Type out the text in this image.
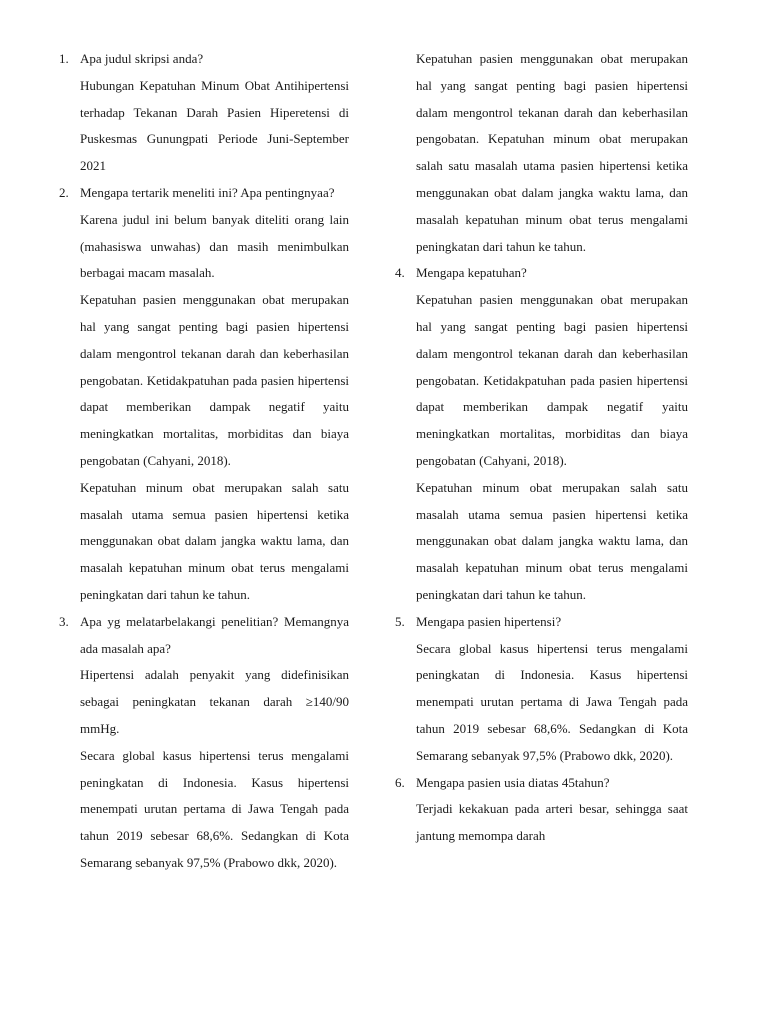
1. Apa judul skripsi anda?

Hubungan Kepatuhan Minum Obat Antihipertensi terhadap Tekanan Darah Pasien Hiperetensi di Puskesmas Gunungpati Periode Juni-September 2021

2. Mengapa tertarik meneliti ini? Apa pentingnyaa?

Karena judul ini belum banyak diteliti orang lain (mahasiswa unwahas) dan masih menimbulkan berbagai macam masalah.

Kepatuhan pasien menggunakan obat merupakan hal yang sangat penting bagi pasien hipertensi dalam mengontrol tekanan darah dan keberhasilan pengobatan. Ketidakpatuhan pada pasien hipertensi dapat memberikan dampak negatif yaitu meningkatkan mortalitas, morbiditas dan biaya pengobatan (Cahyani, 2018).

Kepatuhan minum obat merupakan salah satu masalah utama semua pasien hipertensi ketika menggunakan obat dalam jangka waktu lama, dan masalah kepatuhan minum obat terus mengalami peningkatan dari tahun ke tahun.

3. Apa yg melatarbelakangi penelitian? Memangnya ada masalah apa?

Hipertensi adalah penyakit yang didefinisikan sebagai peningkatan tekanan darah ≥140/90 mmHg.

Secara global kasus hipertensi terus mengalami peningkatan di Indonesia. Kasus hipertensi menempati urutan pertama di Jawa Tengah pada tahun 2019 sebesar 68,6%. Sedangkan di Kota Semarang sebanyak 97,5% (Prabowo dkk, 2020).

Kepatuhan pasien menggunakan obat merupakan hal yang sangat penting bagi pasien hipertensi dalam mengontrol tekanan darah dan keberhasilan pengobatan. Kepatuhan minum obat merupakan salah satu masalah utama pasien hipertensi ketika menggunakan obat dalam jangka waktu lama, dan masalah kepatuhan minum obat terus mengalami peningkatan dari tahun ke tahun.

4. Mengapa kepatuhan?

Kepatuhan pasien menggunakan obat merupakan hal yang sangat penting bagi pasien hipertensi dalam mengontrol tekanan darah dan keberhasilan pengobatan. Ketidakpatuhan pada pasien hipertensi dapat memberikan dampak negatif yaitu meningkatkan mortalitas, morbiditas dan biaya pengobatan (Cahyani, 2018).

Kepatuhan minum obat merupakan salah satu masalah utama semua pasien hipertensi ketika menggunakan obat dalam jangka waktu lama, dan masalah kepatuhan minum obat terus mengalami peningkatan dari tahun ke tahun.

5. Mengapa pasien hipertensi?

Secara global kasus hipertensi terus mengalami peningkatan di Indonesia. Kasus hipertensi menempati urutan pertama di Jawa Tengah pada tahun 2019 sebesar 68,6%. Sedangkan di Kota Semarang sebanyak 97,5% (Prabowo dkk, 2020).

6. Mengapa pasien usia diatas 45tahun?

Terjadi kekakuan pada arteri besar, sehingga saat jantung memompa darah
